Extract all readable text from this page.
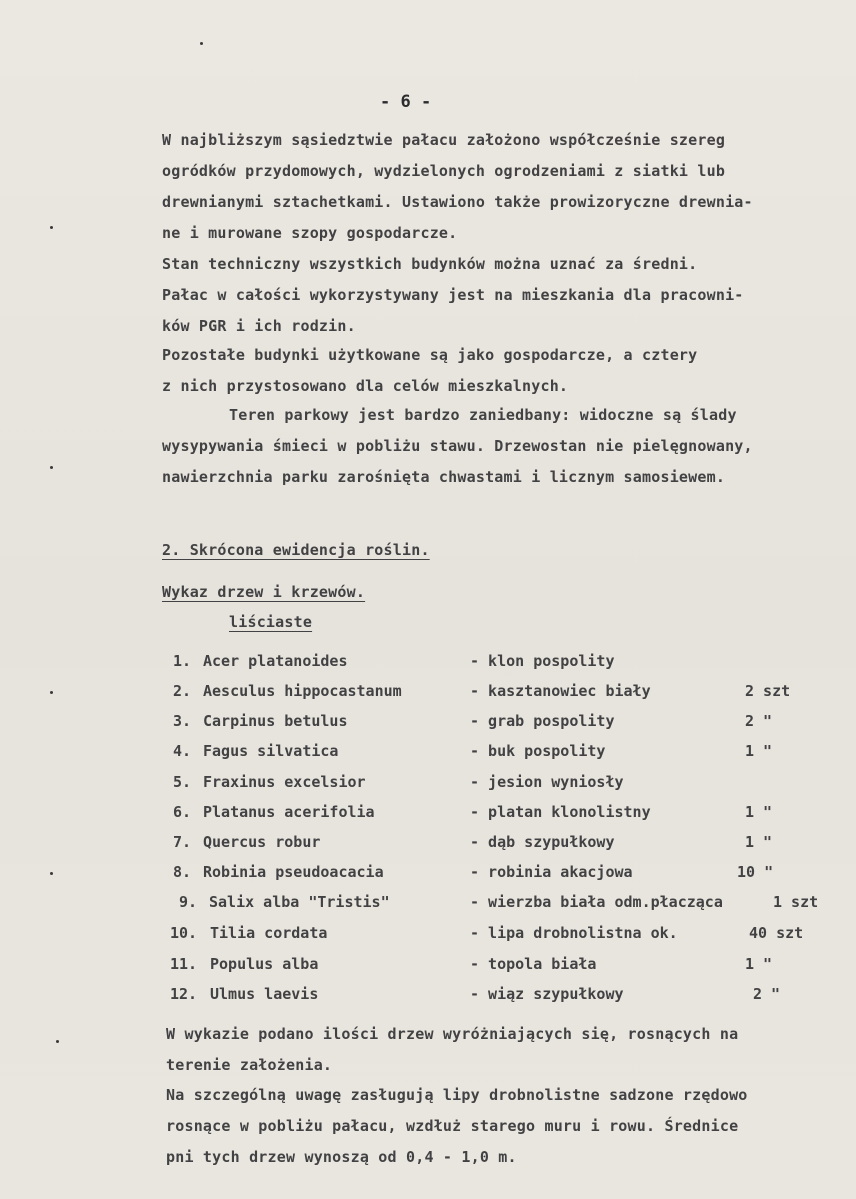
- 6 -
W najbliższym sąsiedztwie pałacu założono współcześnie szereg
ogródków przydomowych, wydzielonych ogrodzeniami z siatki lub
drewnianymi sztachetkami. Ustawiono także prowizoryczne drewnia-
ne i murowane szopy gospodarcze.
Stan techniczny wszystkich budynków można uznać za średni.
Pałac w całości wykorzystywany jest na mieszkania dla pracowni-
ków PGR i ich rodzin.
Pozostałe budynki użytkowane są jako gospodarcze, a cztery
z nich przystosowano dla celów mieszkalnych.
Teren parkowy jest bardzo zaniedbany: widoczne są ślady
wysypywania śmieci w pobliżu stawu. Drzewostan nie pielęgnowany,
nawierzchnia parku zarośnięta chwastami i licznym samosiewem.
2. Skrócona ewidencja roślin.
Wykaz drzew i krzewów.
liściaste
1. Acer platanoides	- klon pospolity
2. Aesculus hippocastanum	- kasztanowiec biały	2 szt
3. Carpinus betulus	- grab pospolity	2 "
4. Fagus silvatica	- buk pospolity	1 "
5. Fraxinus excelsior	- jesion wyniosły
6. Platanus acerifolia	- platan klonolistny	1 "
7. Quercus robur	- dąb szypułkowy	1 "
8. Robinia pseudoacacia	- robinia akacjowa	10 "
9. Salix alba "Tristis"	- wierzba biała odm.płacząca	1 szt
10. Tilia cordata	- lipa drobnolistna ok.	40 szt
11. Populus alba	- topola biała	1 "
12. Ulmus laevis	- wiąz szypułkowy	2 "
W wykazie podano ilości drzew wyróżniających się, rosnących na
terenie założenia.
Na szczególną uwagę zasługują lipy drobnolistne sadzone rzędowo
rosnące w pobliżu pałacu, wzdłuż starego muru i rowu. Średnice
pni tych drzew wynoszą od 0,4 - 1,0 m.
